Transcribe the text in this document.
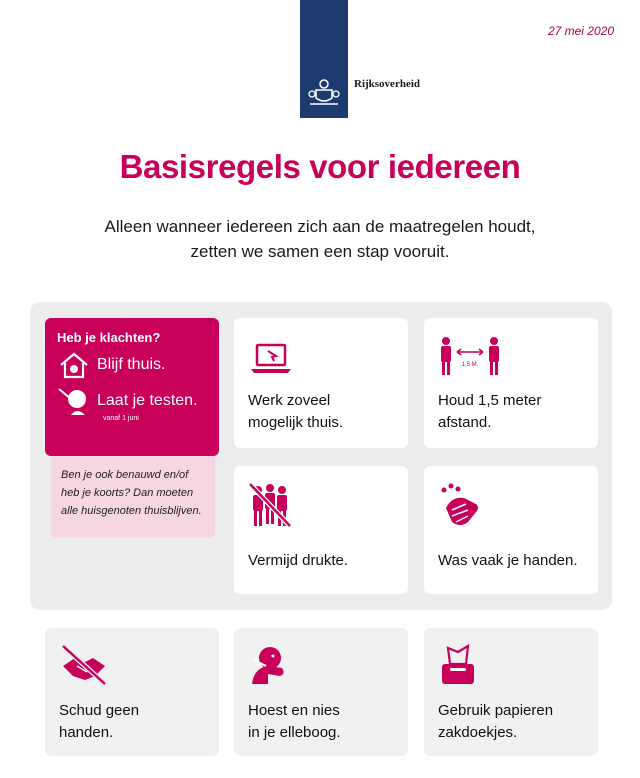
Rijksoverheid
27 mei 2020
Basisregels voor iedereen
Alleen wanneer iedereen zich aan de maatregelen houdt,
zetten we samen een stap vooruit.
Heb je klachten?
Blijf thuis.
Laat je testen.
vanaf 1 juni
Ben je ook benauwd en/of
heb je koorts? Dan moeten
alle huisgenoten thuisblijven.
Werk zoveel
mogelijk thuis.
1,5 M.
Houd 1,5 meter
afstand.
Vermijd drukte.	Was vaak je handen.
Schud geen
handen.
Hoest en nies
in je elleboog.
Gebruik papieren
zakdoekjes.
